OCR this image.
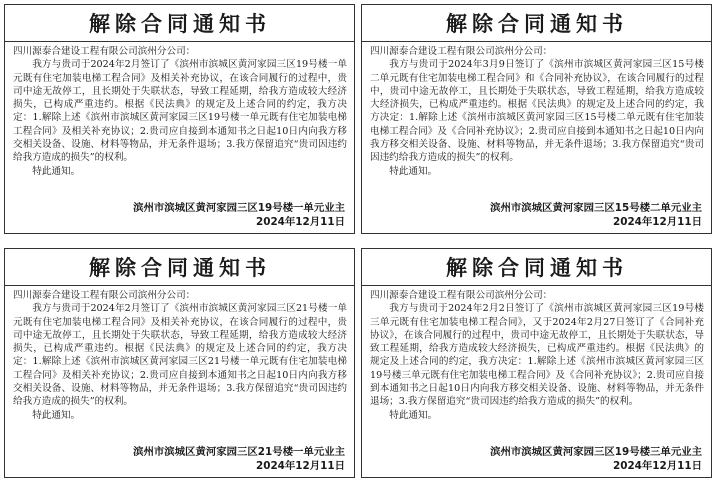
解除合同通知书
四川源泰合建设工程有限公司滨州分公司：

我方与贵司于2024年2月签订了《滨州市滨城区黄河家园三区19号楼一单元既有住宅加装电梯工程合同》及相关补充协议，在该合同履行的过程中，贵司中途无故停工，且长期处于失联状态，导致工程延期，给我方造成较大经济损失，已构成严重违约。根据《民法典》的规定及上述合同的约定，我方决定：1.解除上述《滨州市滨城区黄河家园三区19号楼一单元既有住宅加装电梯工程合同》及相关补充协议；2.贵司应自接到本通知书之日起10日内向我方移交相关设备、设施、材料等物品，并无条件退场；3.我方保留追究“贵司因违约给我方造成的损失”的权利。

特此通知。

滨州市滨城区黄河家园三区19号楼一单元业主

2024年12月11日

解除合同通知书
四川源泰合建设工程有限公司滨州分公司：

我方与贵司于2024年3月9日签订了《滨州市滨城区黄河家园三区15号楼二单元既有住宅加装电梯工程合同》和《合同补充协议》，在该合同履行的过程中，贵司中途无故停工，且长期处于失联状态，导致工程延期，给我方造成较大经济损失，已构成严重违约。根据《民法典》的规定及上述合同的约定，我方决定：1.解除上述《滨州市滨城区黄河家园三区15号楼二单元既有住宅加装电梯工程合同》及《合同补充协议》；2.贵司应自接到本通知书之日起10日内向我方移交相关设备、设施、材料等物品，并无条件退场；3.我方保留追究“贵司因违约给我方造成的损失”的权利。

特此通知。

滨州市滨城区黄河家园三区15号楼二单元业主

2024年12月11日

解除合同通知书
四川源泰合建设工程有限公司滨州分公司：

我方与贵司于2024年2月签订了《滨州市滨城区黄河家园三区21号楼一单元既有住宅加装电梯工程合同》及相关补充协议，在该合同履行的过程中，贵司中途无故停工，且长期处于失联状态，导致工程延期，给我方造成较大经济损失，已构成严重违约。根据《民法典》的规定及上述合同的约定，我方决定：1.解除上述《滨州市滨城区黄河家园三区21号楼一单元既有住宅加装电梯工程合同》及相关补充协议；2.贵司应自接到本通知书之日起10日内向我方移交相关设备、设施、材料等物品，并无条件退场；3.我方保留追究“贵司因违约给我方造成的损失”的权利。

特此通知。

滨州市滨城区黄河家园三区21号楼一单元业主

2024年12月11日

解除合同通知书
四川源泰合建设工程有限公司滨州分公司：

我方与贵司于2024年2月2日签订了《滨州市滨城区黄河家园三区19号楼三单元既有住宅加装电梯工程合同》，又于2024年2月27日签订了《合同补充协议》，在该合同履行的过程中，贵司中途无故停工，且长期处于失联状态，导致工程延期，给我方造成较大经济损失，已构成严重违约。根据《民法典》的规定及上述合同的约定，我方决定：1.解除上述《滨州市滨城区黄河家园三区19号楼三单元既有住宅加装电梯工程合同》及《合同补充协议》；2.贵司应自接到本通知书之日起10日内向我方移交相关设备、设施、材料等物品，并无条件退场；3.我方保留追究“贵司因违约给我方造成的损失”的权利。

特此通知。

滨州市滨城区黄河家园三区19号楼三单元业主

2024年12月11日
